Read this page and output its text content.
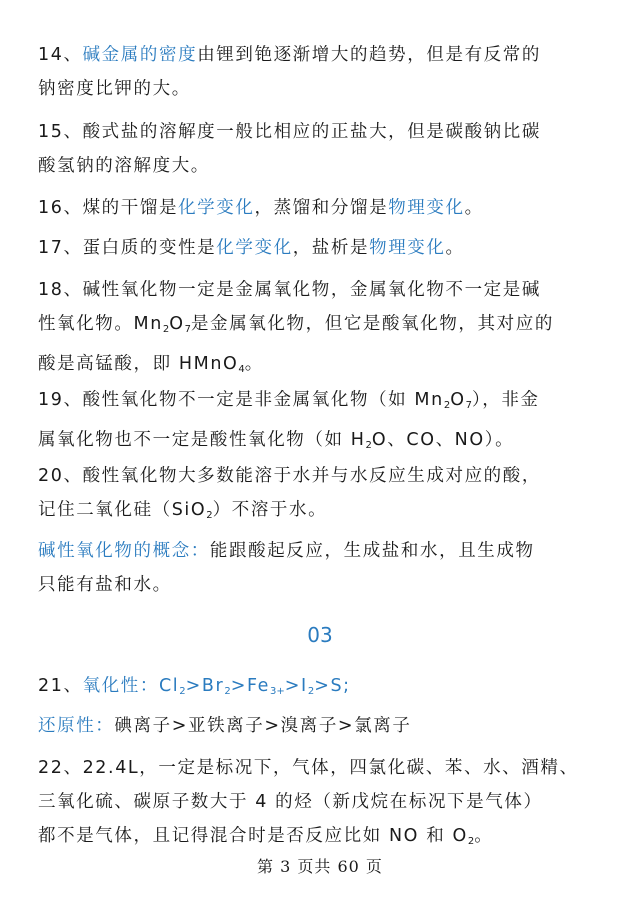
14、碱金属的密度由锂到铯逐渐增大的趋势，但是有反常的
钠密度比钾的大。

15、酸式盐的溶解度一般比相应的正盐大，但是碳酸钠比碳
酸氢钠的溶解度大。

16、煤的干馏是化学变化，蒸馏和分馏是物理变化。

17、蛋白质的变性是化学变化，盐析是物理变化。

18、碱性氧化物一定是金属氧化物，金属氧化物不一定是碱
性氧化物。$Mn_2O_7$是金属氧化物，但它是酸氧化物，其对应的
酸是高锰酸，即 HMnO$_4$。

19、酸性氧化物不一定是非金属氧化物（如 $Mn_2O_7$），非金
属氧化物也不一定是酸性氧化物（如 $H_2O$、CO、NO）。

20、酸性氧化物大多数能溶于水并与水反应生成对应的酸，
记住二氧化硅（SiO$_2$）不溶于水。

碱性氧化物的概念：能跟酸起反应，生成盐和水，且生成物
只能有盐和水。

03

21、氧化性：$Cl_2>Br_2>Fe_{3+}>I_2>S$;

还原性：碘离子>亚铁离子>溴离子>氯离子

22、22.4L，一定是标况下，气体，四氯化碳、苯、水、酒精、
三氧化硫、碳原子数大于 4 的烃（新戊烷在标况下是气体）
都不是气体，且记得混合时是否反应比如 NO 和 $O_2$。

第 3 页共 60 页
